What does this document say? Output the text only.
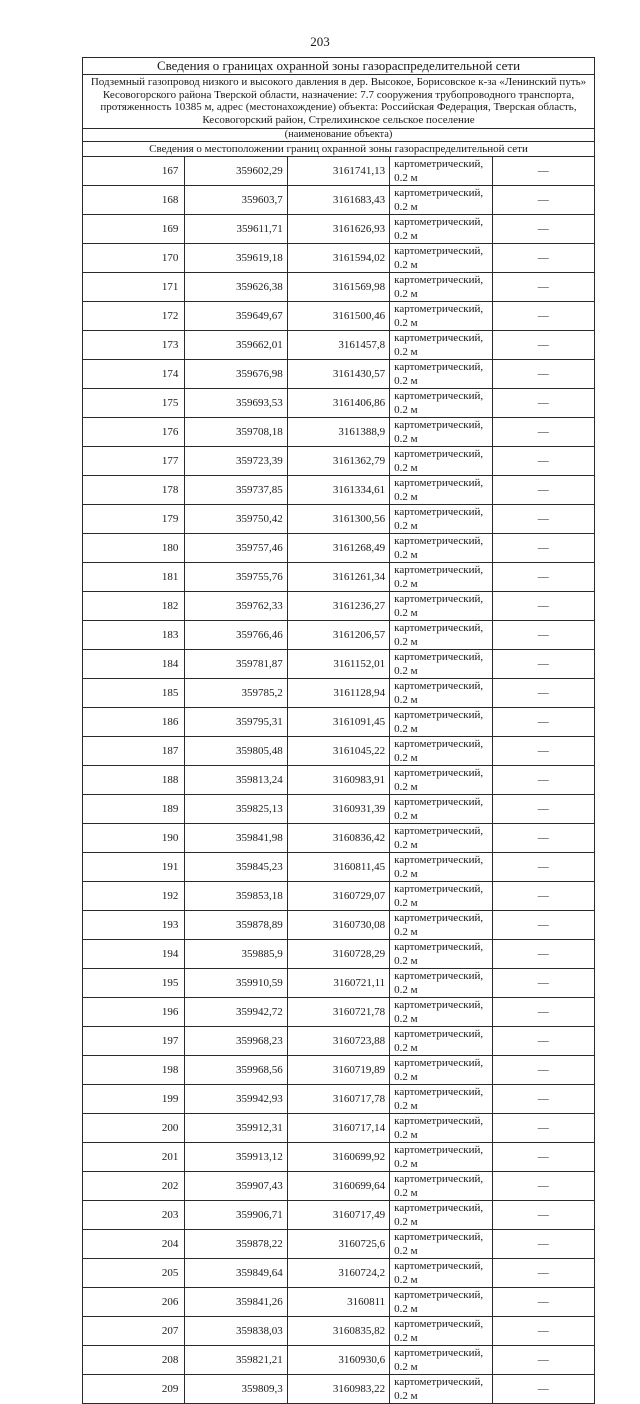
203
Сведения о границах охранной зоны газораспределительной сети				
Подземный газопровод низкого и высокого давления в дер. Высокое, Борисовское к-за «Ленинский путь» Кесовогорского района Тверской области, назначение: 7.7 сооружения трубопроводного транспорта, протяженность 10385 м, адрес (местонахождение) объекта: Российская Федерация, Тверская область, Кесовогорский район, Стрелихинское сельское поселение				
(наименование объекта)				
Сведения о местоположении границ охранной зоны газораспределительной сети				
167	359602,29	3161741,13	картометрический, 0.2 м	—
168	359603,7	3161683,43	картометрический, 0.2 м	—
169	359611,71	3161626,93	картометрический, 0.2 м	—
170	359619,18	3161594,02	картометрический, 0.2 м	—
171	359626,38	3161569,98	картометрический, 0.2 м	—
172	359649,67	3161500,46	картометрический, 0.2 м	—
173	359662,01	3161457,8	картометрический, 0.2 м	—
174	359676,98	3161430,57	картометрический, 0.2 м	—
175	359693,53	3161406,86	картометрический, 0.2 м	—
176	359708,18	3161388,9	картометрический, 0.2 м	—
177	359723,39	3161362,79	картометрический, 0.2 м	—
178	359737,85	3161334,61	картометрический, 0.2 м	—
179	359750,42	3161300,56	картометрический, 0.2 м	—
180	359757,46	3161268,49	картометрический, 0.2 м	—
181	359755,76	3161261,34	картометрический, 0.2 м	—
182	359762,33	3161236,27	картометрический, 0.2 м	—
183	359766,46	3161206,57	картометрический, 0.2 м	—
184	359781,87	3161152,01	картометрический, 0.2 м	—
185	359785,2	3161128,94	картометрический, 0.2 м	—
186	359795,31	3161091,45	картометрический, 0.2 м	—
187	359805,48	3161045,22	картометрический, 0.2 м	—
188	359813,24	3160983,91	картометрический, 0.2 м	—
189	359825,13	3160931,39	картометрический, 0.2 м	—
190	359841,98	3160836,42	картометрический, 0.2 м	—
191	359845,23	3160811,45	картометрический, 0.2 м	—
192	359853,18	3160729,07	картометрический, 0.2 м	—
193	359878,89	3160730,08	картометрический, 0.2 м	—
194	359885,9	3160728,29	картометрический, 0.2 м	—
195	359910,59	3160721,11	картометрический, 0.2 м	—
196	359942,72	3160721,78	картометрический, 0.2 м	—
197	359968,23	3160723,88	картометрический, 0.2 м	—
198	359968,56	3160719,89	картометрический, 0.2 м	—
199	359942,93	3160717,78	картометрический, 0.2 м	—
200	359912,31	3160717,14	картометрический, 0.2 м	—
201	359913,12	3160699,92	картометрический, 0.2 м	—
202	359907,43	3160699,64	картометрический, 0.2 м	—
203	359906,71	3160717,49	картометрический, 0.2 м	—
204	359878,22	3160725,6	картометрический, 0.2 м	—
205	359849,64	3160724,2	картометрический, 0.2 м	—
206	359841,26	3160811	картометрический, 0.2 м	—
207	359838,03	3160835,82	картометрический, 0.2 м	—
208	359821,21	3160930,6	картометрический, 0.2 м	—
209	359809,3	3160983,22	картометрический, 0.2 м	—
